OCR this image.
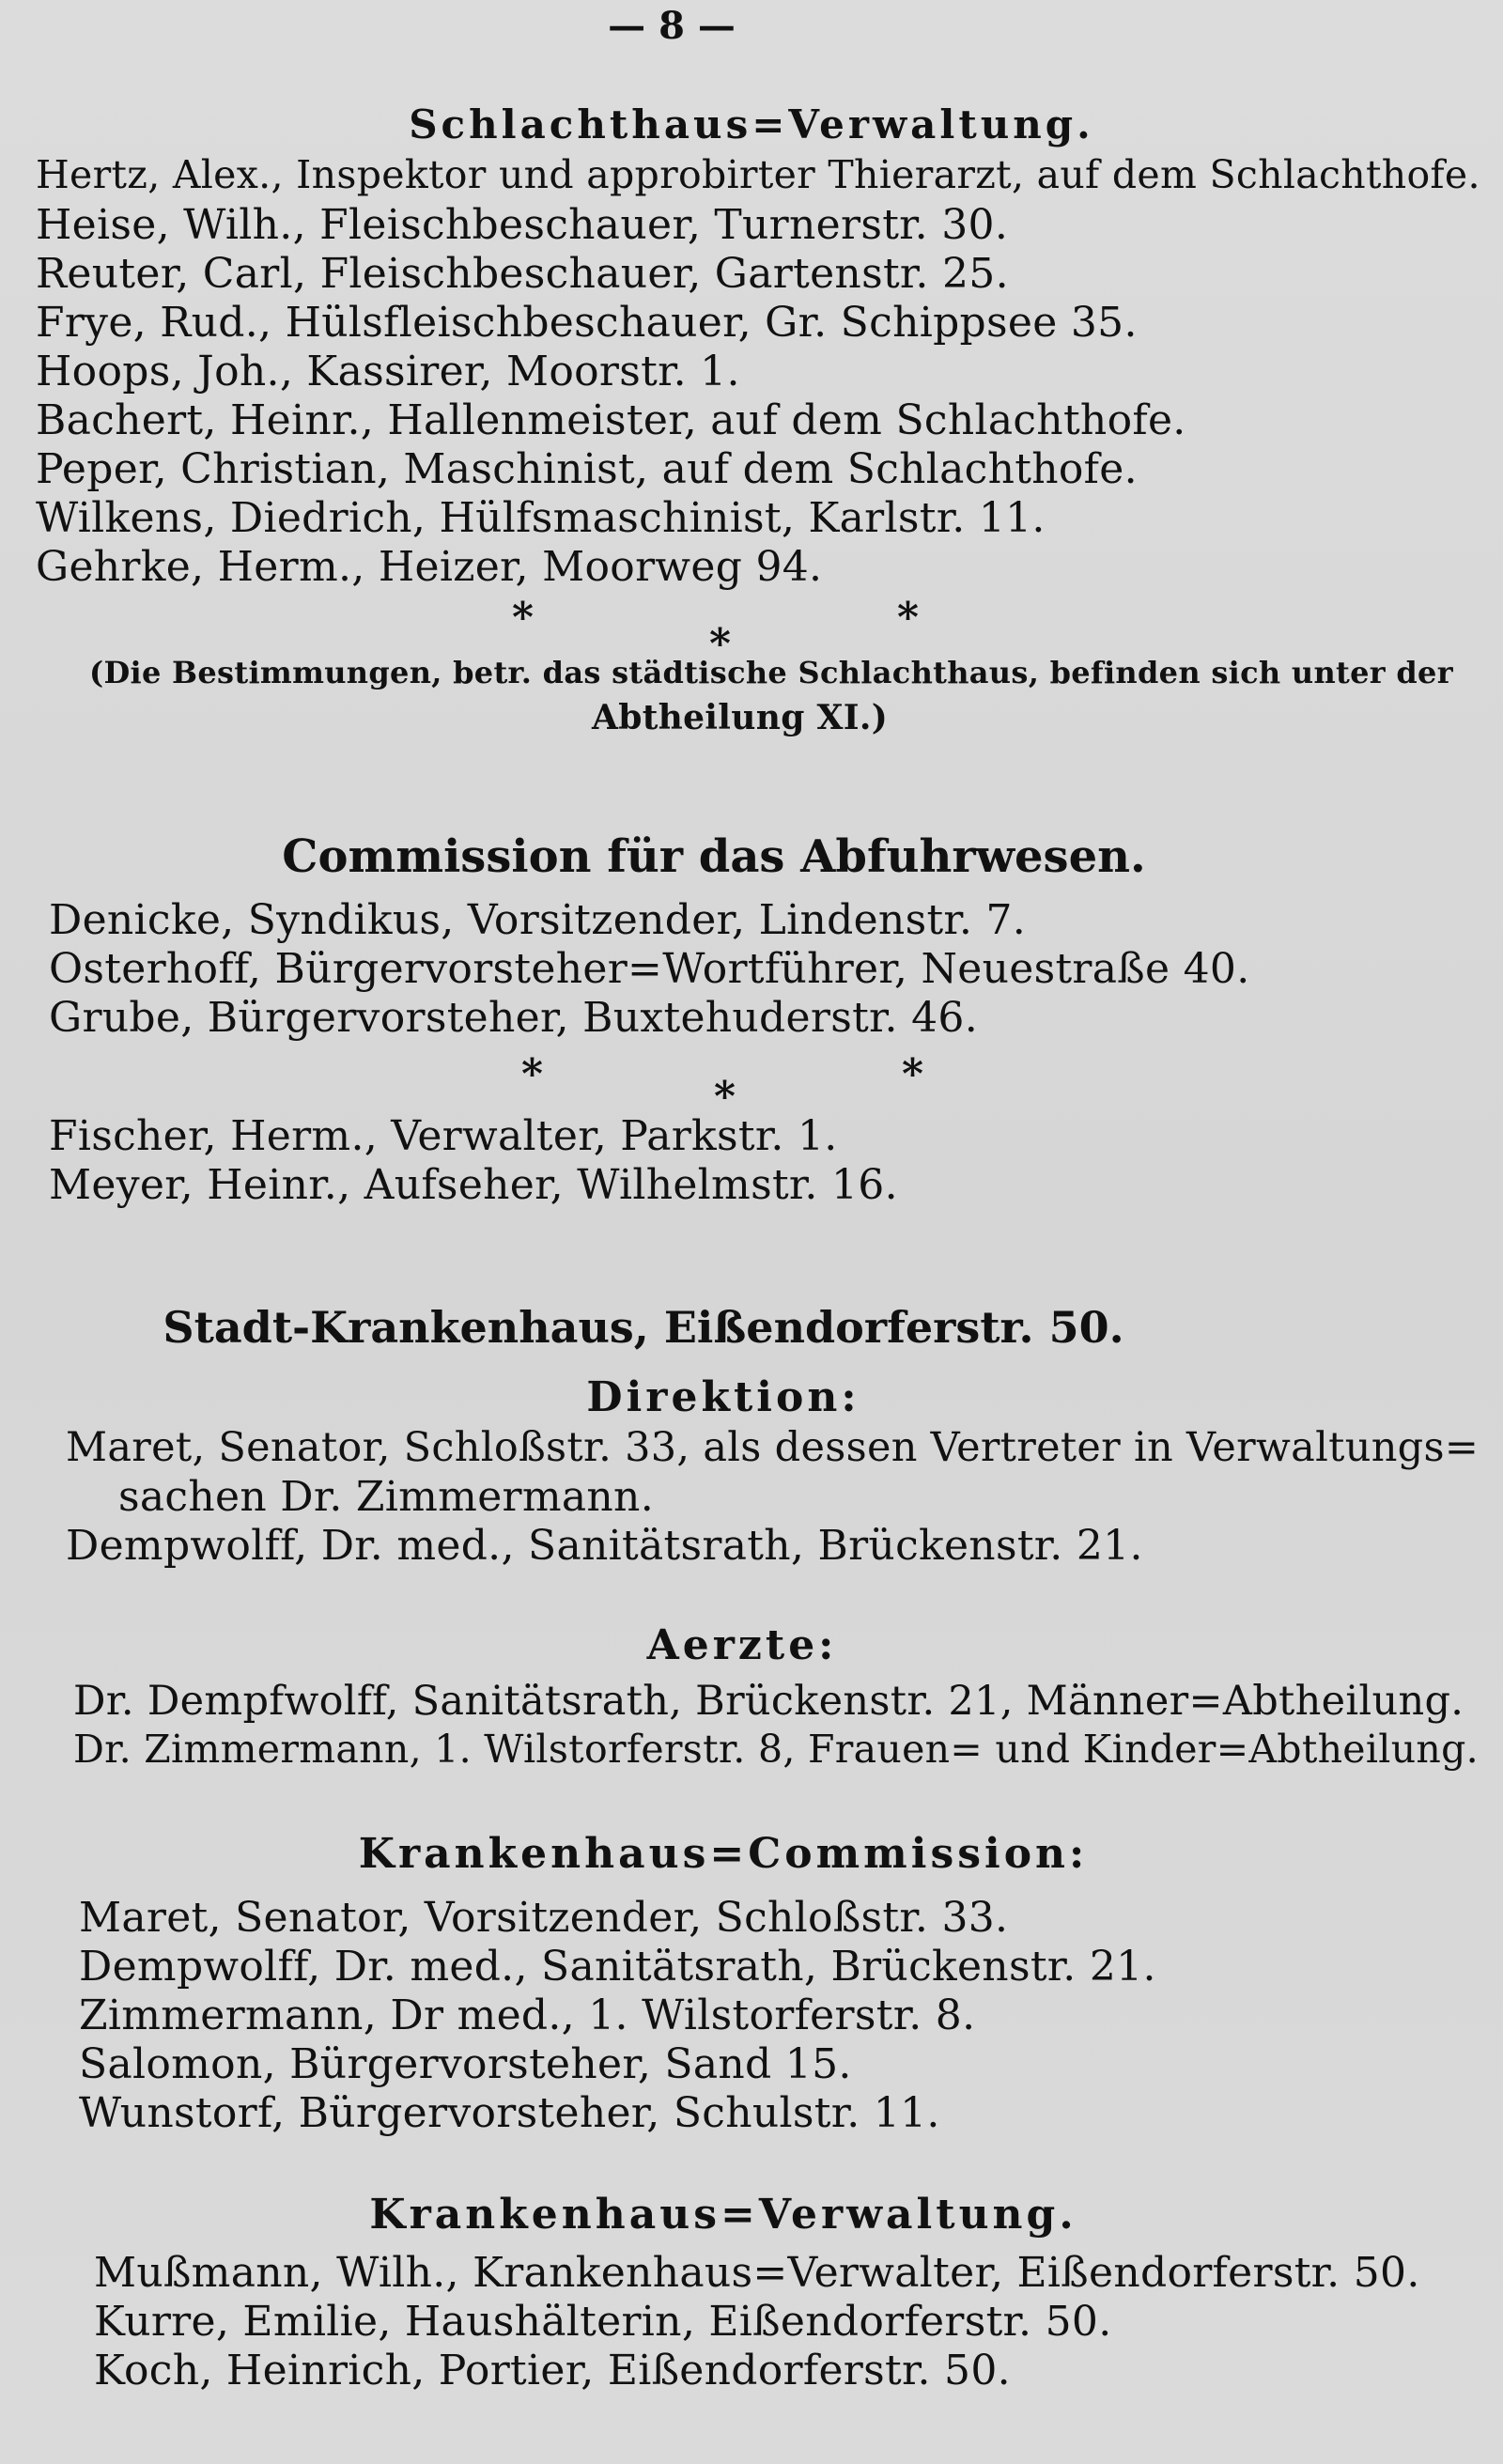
— 8 —
Schlachthaus=Verwaltung.
Hertz, Alex., Inspektor und approbirter Thierarzt, auf dem Schlachthofe.
Heise, Wilh., Fleischbeschauer, Turnerstr. 30.
Reuter, Carl, Fleischbeschauer, Gartenstr. 25.
Frye, Rud., Hülsfleischbeschauer, Gr. Schippsee 35.
Hoops, Joh., Kassirer, Moorstr. 1.
Bachert, Heinr., Hallenmeister, auf dem Schlachthofe.
Peper, Christian, Maschinist, auf dem Schlachthofe.
Wilkens, Diedrich, Hülfsmaschinist, Karlstr. 11.
Gehrke, Herm., Heizer, Moorweg 94.
*
*
*
(Die Bestimmungen, betr. das städtische Schlachthaus, befinden sich unter der
Abtheilung XI.)
Commission für das Abfuhrwesen.
Denicke, Syndikus, Vorsitzender, Lindenstr. 7.
Osterhoff, Bürgervorsteher=Wortführer, Neuestraße 40.
Grube, Bürgervorsteher, Buxtehuderstr. 46.
*	*	*
Fischer, Herm., Verwalter, Parkstr. 1.
Meyer, Heinr., Aufseher, Wilhelmstr. 16.
Stadt-Krankenhaus, Eißendorferstr. 50.
Direktion:
Maret, Senator, Schloßstr. 33, als dessen Vertreter in Verwaltungs=
sachen Dr. Zimmermann.
Dempwolff, Dr. med., Sanitätsrath, Brückenstr. 21.
Aerzte:
Dr. Dempfwolff, Sanitätsrath, Brückenstr. 21, Männer=Abtheilung.
Dr. Zimmermann, 1. Wilstorferstr. 8, Frauen= und Kinder=Abtheilung.
Krankenhaus=Commission:
Maret, Senator, Vorsitzender, Schloßstr. 33.
Dempwolff, Dr. med., Sanitätsrath, Brückenstr. 21.
Zimmermann, Dr med., 1. Wilstorferstr. 8.
Salomon, Bürgervorsteher, Sand 15.
Wunstorf, Bürgervorsteher, Schulstr. 11.
Krankenhaus=Verwaltung.
Mußmann, Wilh., Krankenhaus=Verwalter, Eißendorferstr. 50.
Kurre, Emilie, Haushälterin, Eißendorferstr. 50.
Koch, Heinrich, Portier, Eißendorferstr. 50.
